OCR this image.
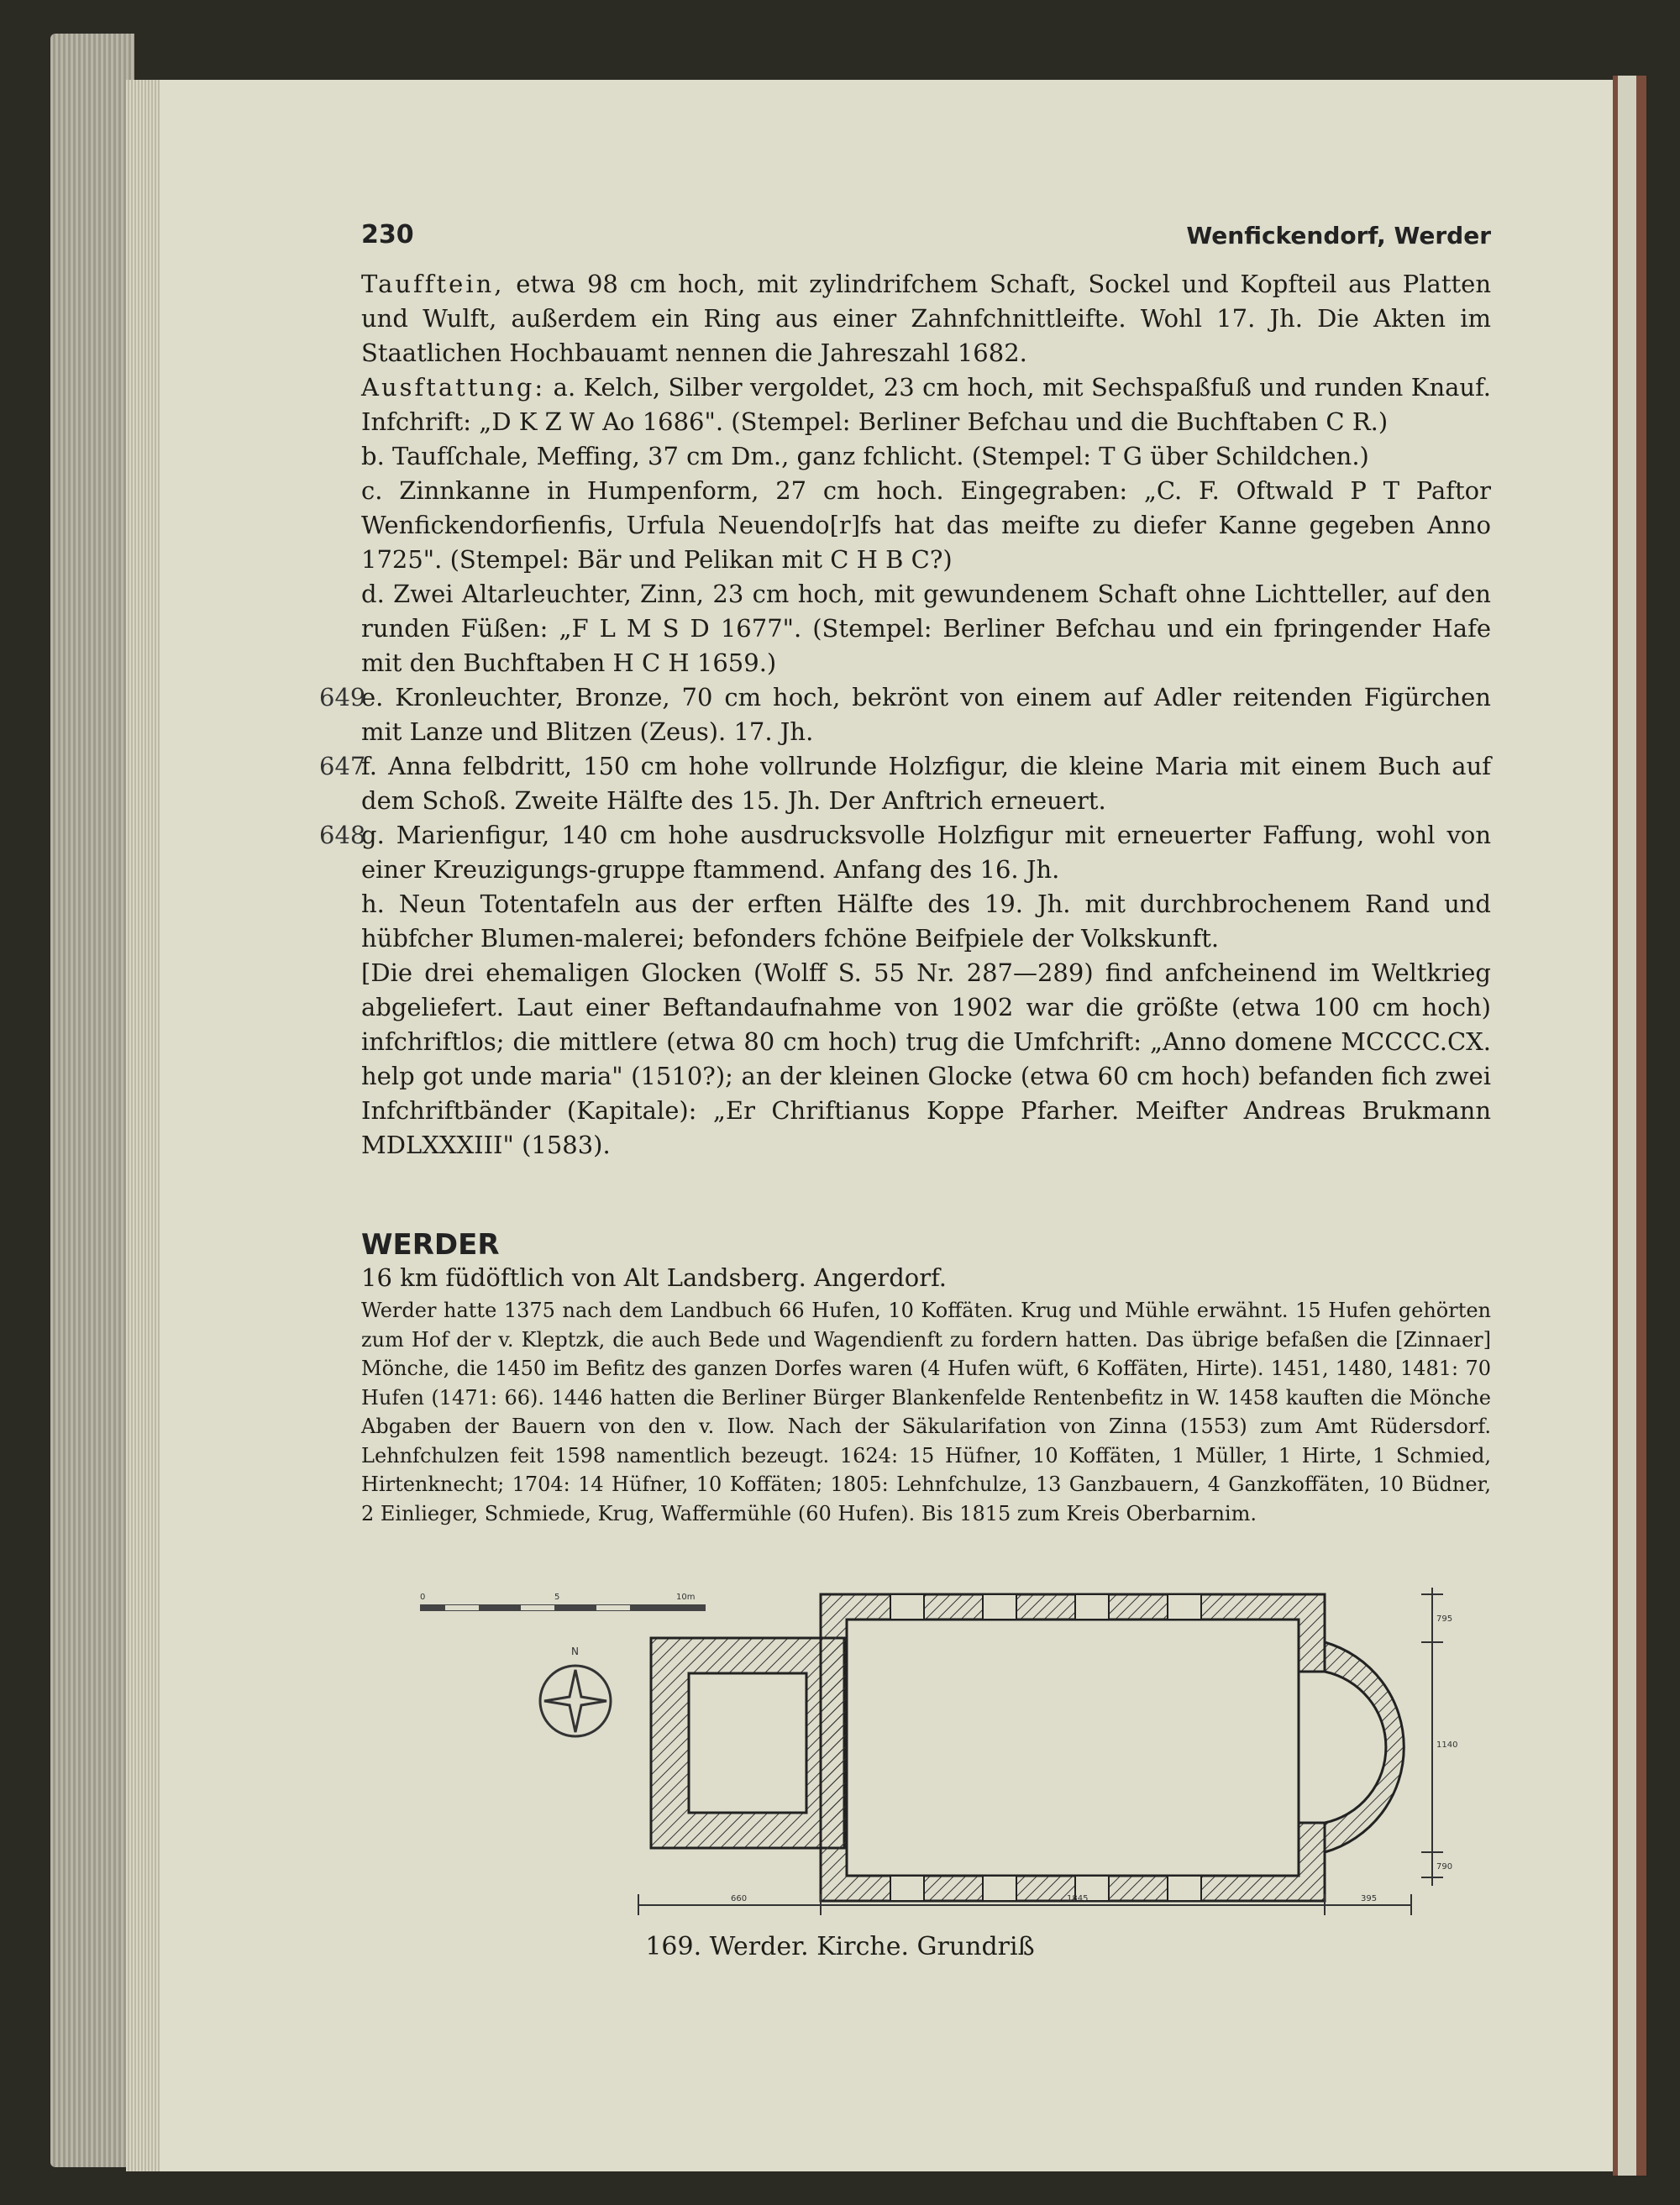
230	Wenfickendorf, Werder

Taufftein, etwa 98 cm hoch, mit zylindrifchem Schaft, Sockel und Kopfteil aus Platten und Wulft, außerdem ein Ring aus einer Zahnfchnittleifte. Wohl 17. Jh. Die Akten im Staatlichen Hochbauamt nennen die Jahreszahl 1682.

Ausftattung: a. Kelch, Silber vergoldet, 23 cm hoch, mit Sechspaßfuß und runden Knauf. Infchrift: „D K Z W Ao 1686". (Stempel: Berliner Befchau und die Buchftaben C R.)

b. Taufſchale, Meffing, 37 cm Dm., ganz fchlicht. (Stempel: T G über Schildchen.)

c. Zinnkanne in Humpenform, 27 cm hoch. Eingegraben: „C. F. Oftwald P T Paftor Wenfickendorfienfis, Urfula Neuendo[r]fs hat das meifte zu diefer Kanne gegeben Anno 1725". (Stempel: Bär und Pelikan mit C H B C?)

d. Zwei Altarleuchter, Zinn, 23 cm hoch, mit gewundenem Schaft ohne Lichtteller, auf den runden Füßen: „F L M S D 1677". (Stempel: Berliner Befchau und ein fpringender Hafe mit den Buchftaben H C H 1659.)

649
e. Kronleuchter, Bronze, 70 cm hoch, bekrönt von einem auf Adler reitenden Figürchen mit Lanze und Blitzen (Zeus). 17. Jh.

647
f. Anna felbdritt, 150 cm hohe vollrunde Holzfigur, die kleine Maria mit einem Buch auf dem Schoß. Zweite Hälfte des 15. Jh. Der Anftrich erneuert.

648
g. Marienfigur, 140 cm hohe ausdrucksvolle Holzfigur mit erneuerter Faffung, wohl von einer Kreuzigungs-gruppe ftammend. Anfang des 16. Jh.

h. Neun Totentafeln aus der erften Hälfte des 19. Jh. mit durchbrochenem Rand und hübfcher Blumen-malerei; befonders fchöne Beifpiele der Volkskunft.

[Die drei ehemaligen Glocken (Wolff S. 55 Nr. 287—289) find anfcheinend im Weltkrieg abgeliefert. Laut einer Beftandaufnahme von 1902 war die größte (etwa 100 cm hoch) infchriftlos; die mittlere (etwa 80 cm hoch) trug die Umfchrift: „Anno domene MCCCC.CX. help got unde maria" (1510?); an der kleinen Glocke (etwa 60 cm hoch) befanden fich zwei Infchriftbänder (Kapitale): „Er Chriftianus Koppe Pfarher. Meifter Andreas Brukmann MDLXXXIII" (1583).

WERDER
16 km füdöftlich von Alt Landsberg. Angerdorf.
Werder hatte 1375 nach dem Landbuch 66 Hufen, 10 Koffäten. Krug und Mühle erwähnt. 15 Hufen gehörten zum Hof der v. Kleptzk, die auch Bede und Wagendienft zu fordern hatten. Das übrige befaßen die [Zinnaer] Mönche, die 1450 im Befitz des ganzen Dorfes waren (4 Hufen wüft, 6 Koffäten, Hirte). 1451, 1480, 1481: 70 Hufen (1471: 66). 1446 hatten die Berliner Bürger Blankenfelde Rentenbefitz in W. 1458 kauften die Mönche Abgaben der Bauern von den v. Ilow. Nach der Säkularifation von Zinna (1553) zum Amt Rüdersdorf. Lehnfchulzen feit 1598 namentlich bezeugt. 1624: 15 Hüfner, 10 Koffäten, 1 Müller, 1 Hirte, 1 Schmied, Hirtenknecht; 1704: 14 Hüfner, 10 Koffäten; 1805: Lehnfchulze, 13 Ganzbauern, 4 Ganzkoffäten, 10 Büdner, 2 Einlieger, Schmiede, Krug, Waffermühle (60 Hufen). Bis 1815 zum Kreis Oberbarnim.
0	5	10m
N
660	1845	395
795
1140
790
169. Werder. Kirche. Grundriß
